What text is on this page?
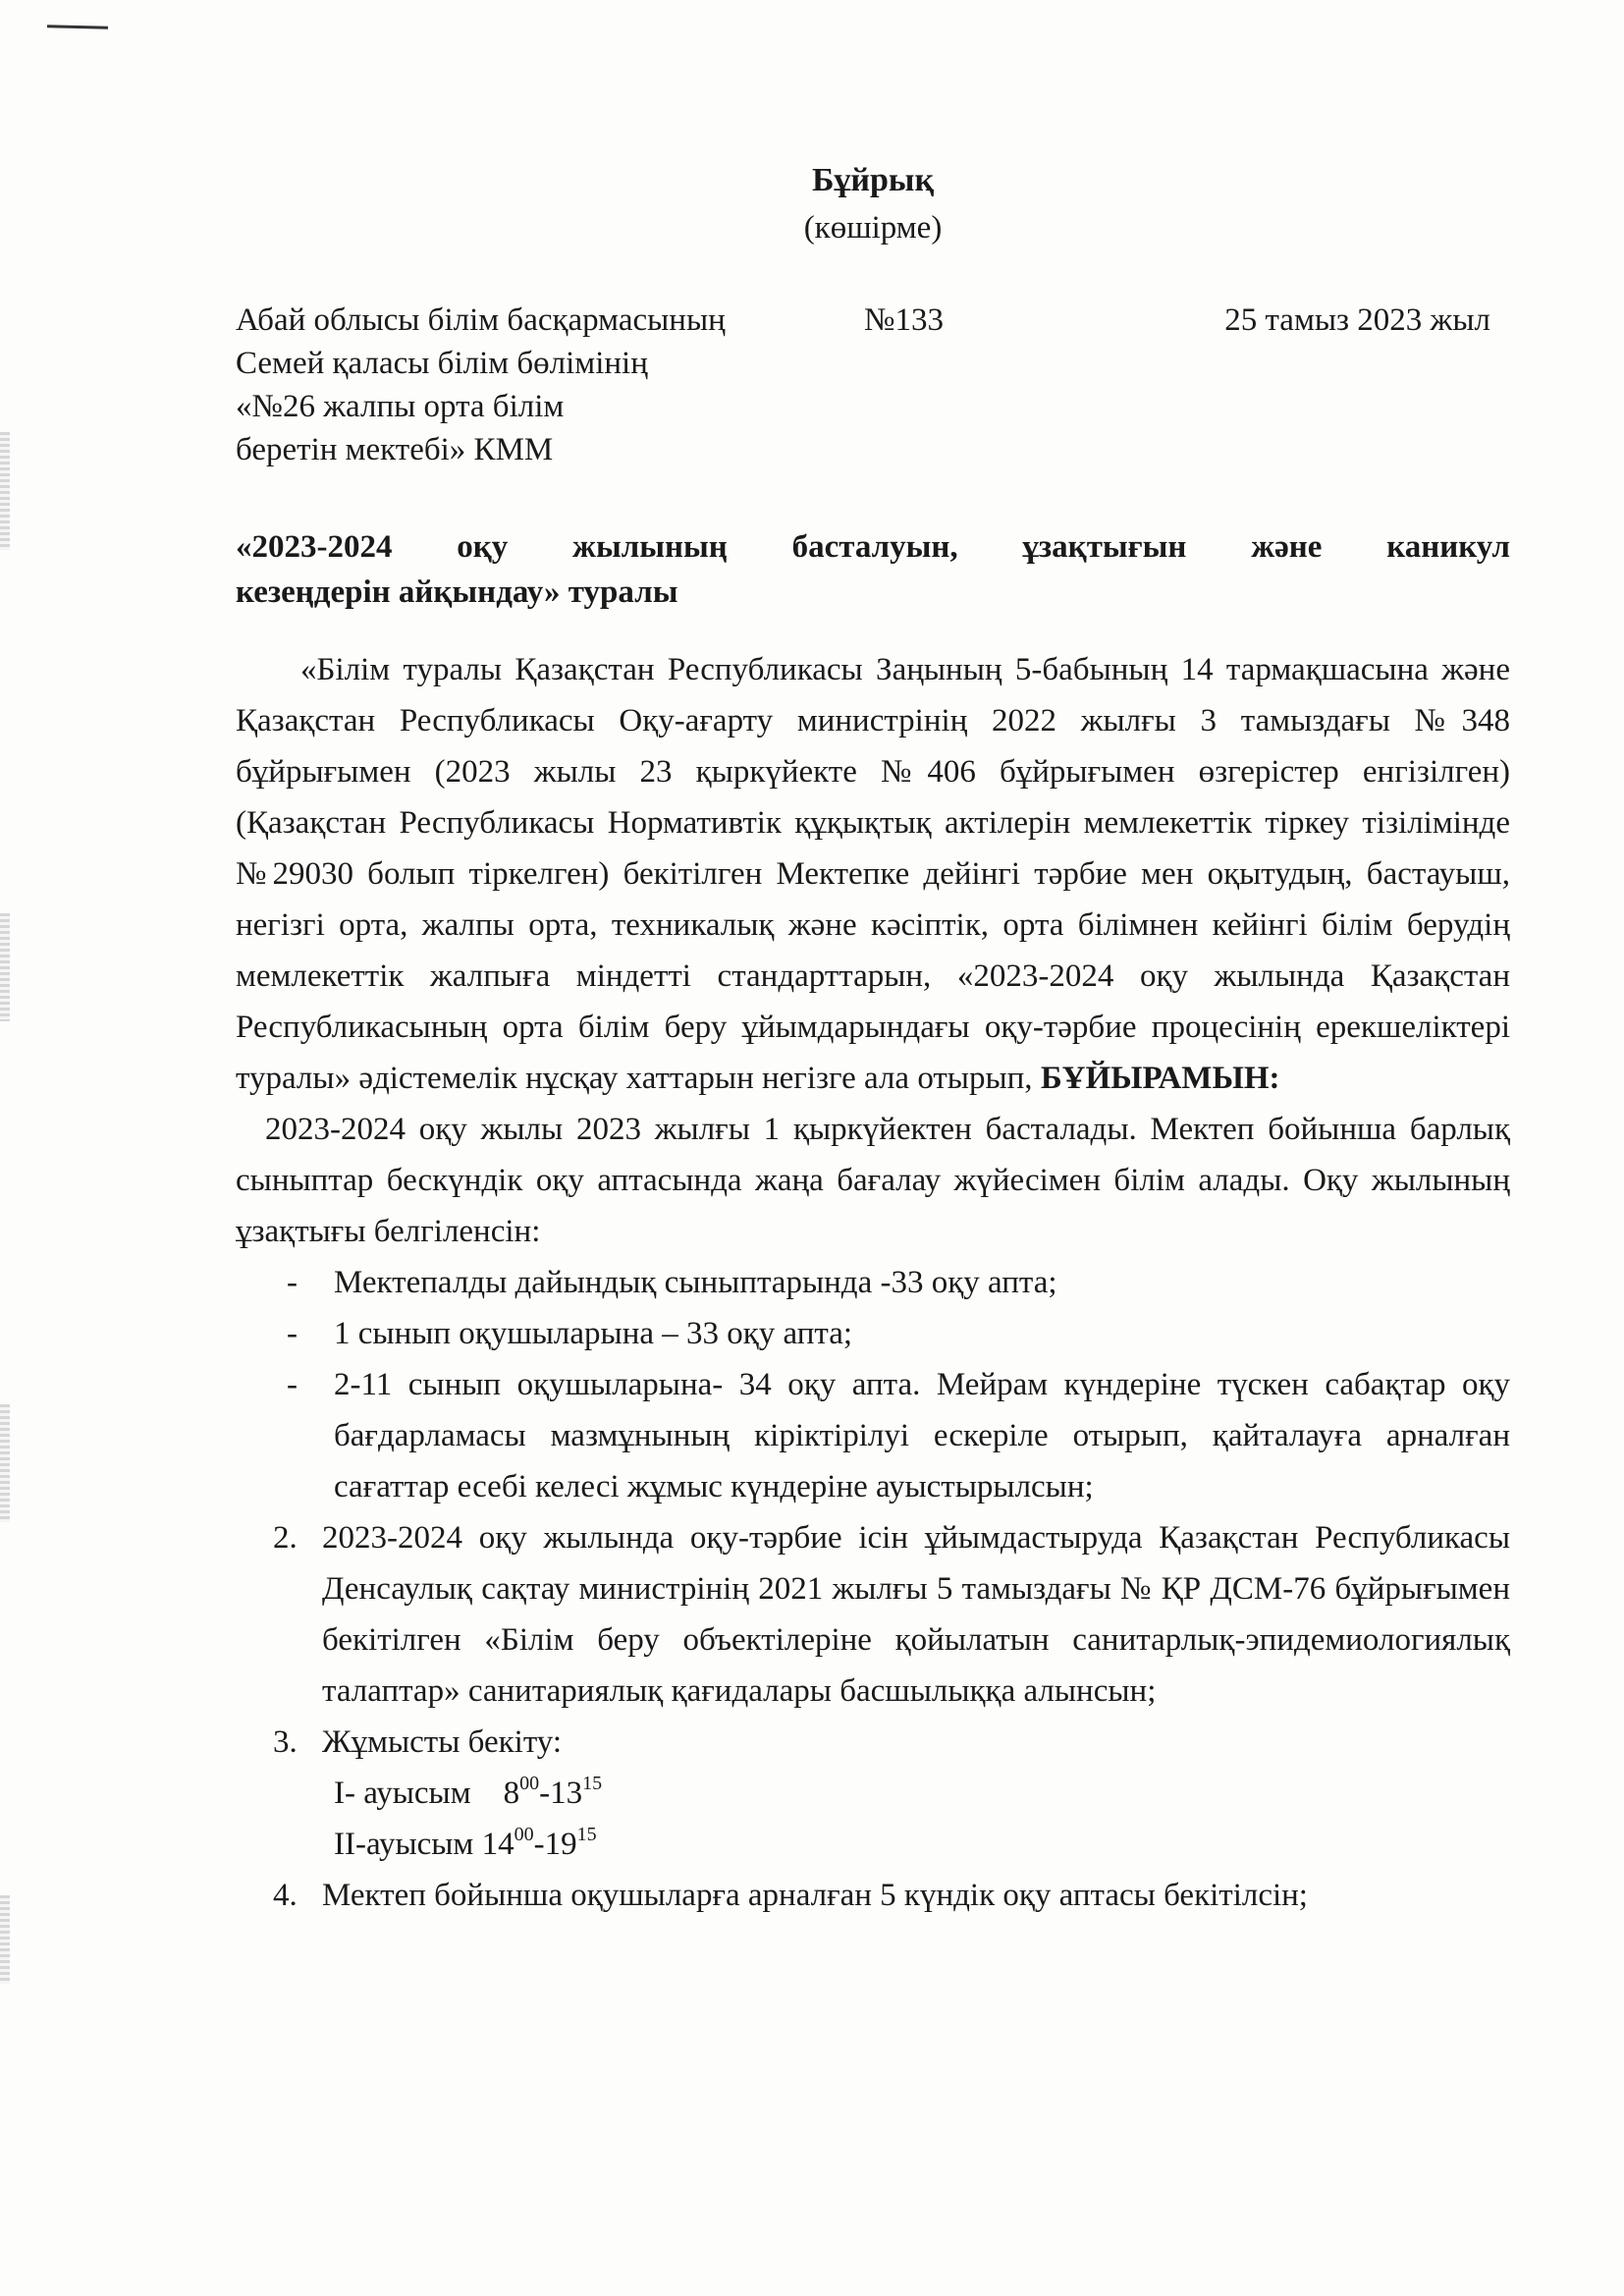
Бұйрық

(көшірме)

Абай облысы білім басқармасының
Семей қаласы білім бөлімінің
«№26 жалпы орта білім
беретін мектебі» КММ
№133	25 тамыз 2023 жыл
«2023-2024 оқу жылының басталуын, ұзақтығын және каникул
кезеңдерін айқындау» туралы

«Білім туралы Қазақстан Республикасы Заңының 5-бабының 14 тармақшасына және Қазақстан Республикасы Оқу-ағарту министрінің 2022 жылғы 3 тамыздағы №348 бұйрығымен (2023 жылы 23 қыркүйекте №406 бұйрығымен өзгерістер енгізілген) (Қазақстан Республикасы Нормативтік құқықтық актілерін мемлекеттік тіркеу тізілімінде №29030 болып тіркелген) бекітілген Мектепке дейінгі тәрбие мен оқытудың, бастауыш, негізгі орта, жалпы орта, техникалық және кәсіптік, орта білімнен кейінгі білім берудің мемлекеттік жалпыға міндетті стандарттарын, «2023-2024 оқу жылында Қазақстан Республикасының орта білім беру ұйымдарындағы оқу-тәрбие процесінің ерекшеліктері туралы» әдістемелік нұсқау хаттарын негізге ала отырып, БҰЙЫРАМЫН:

2023-2024 оқу жылы 2023 жылғы 1 қыркүйектен басталады. Мектеп бойынша барлық сыныптар бескүндік оқу аптасында жаңа бағалау жүйесімен білім алады. Оқу жылының ұзақтығы белгіленсін:

- Мектепалды дайындық сыныптарында -33 оқу апта;
- 1 сынып оқушыларына – 33 оқу апта;
- 2-11 сынып оқушыларына- 34 оқу апта. Мейрам күндеріне түскен сабақтар оқу бағдарламасы мазмұнының кіріктірілуі ескеріле отырып, қайталауға арналған сағаттар есебі келесі жұмыс күндеріне ауыстырылсын;
2. 2023-2024 оқу жылында оқу-тәрбие ісін ұйымдастыруда Қазақстан Республикасы Денсаулық сақтау министрінің 2021 жылғы 5 тамыздағы № ҚР ДСМ-76 бұйрығымен бекітілген «Білім беру объектілеріне қойылатын санитарлық-эпидемиологиялық талаптар» санитариялық қағидалары басшылыққа алынсын;
3. Жұмысты бекіту:
I- ауысым $8^{00}-13^{15}$
II-ауысым $14^{00}-19^{15}$
4. Мектеп бойынша оқушыларға арналған 5 күндік оқу аптасы бекітілсін;
